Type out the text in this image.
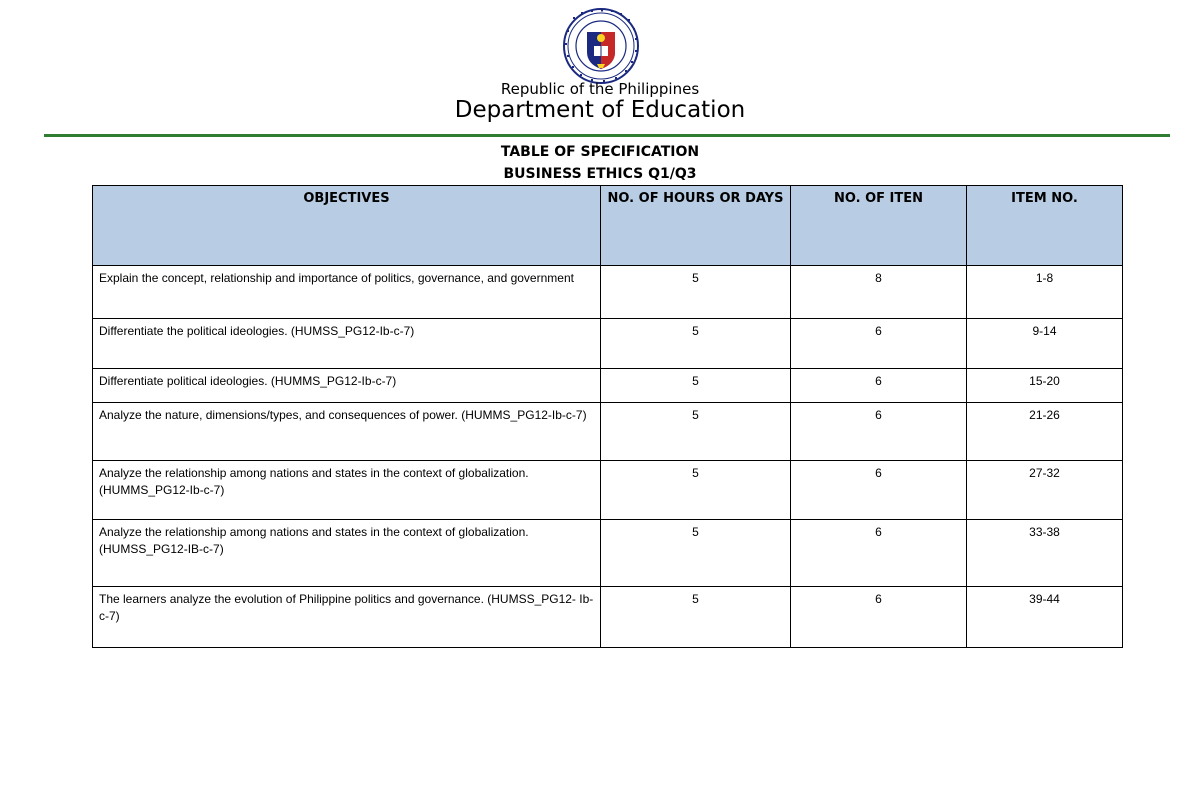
Republic of the Philippines
Department of Education
TABLE OF SPECIFICATION
BUSINESS ETHICS Q1/Q3
OBJECTIVES	NO. OF HOURS OR DAYS	NO. OF ITEN	ITEM NO.
Explain the concept, relationship and importance of politics, governance, and government	5	8	1-8
Differentiate the political ideologies. (HUMSS_PG12-Ib-c-7)	5	6	9-14
Differentiate political ideologies. (HUMMS_PG12-Ib-c-7)	5	6	15-20
Analyze the nature, dimensions/types, and consequences of power. (HUMMS_PG12-Ib-c-7)	5	6	21-26
Analyze the relationship among nations and states in the context of globalization. (HUMMS_PG12-Ib-c-7)	5	6	27-32
Analyze the relationship among nations and states in the context of globalization. (HUMSS_PG12-IB-c-7)	5	6	33-38
The learners analyze the evolution of Philippine politics and governance. (HUMSS_PG12- Ib-c-7)	5	6	39-44
